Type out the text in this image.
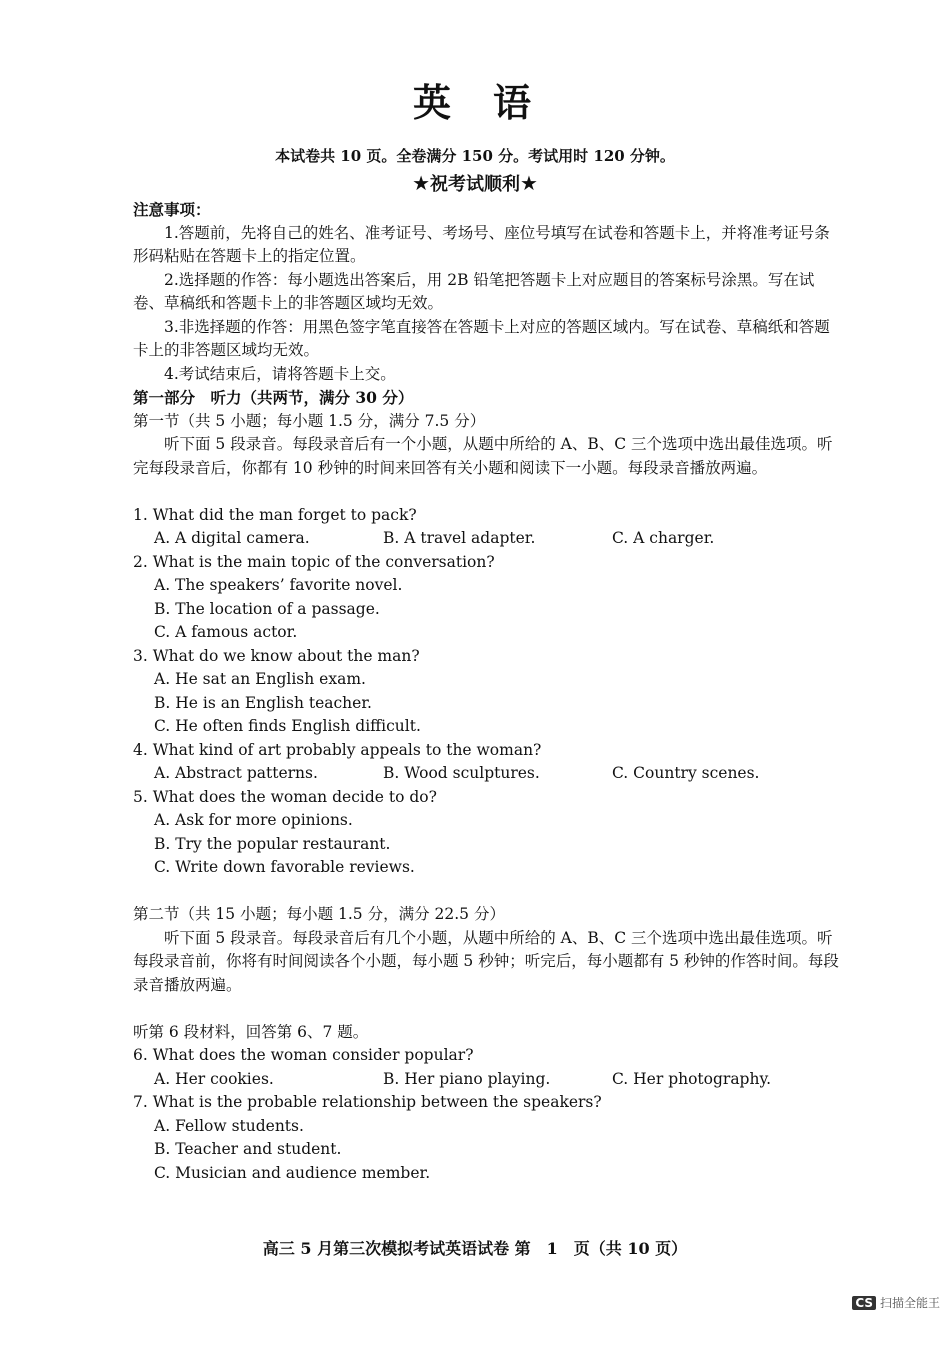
英 语
本试卷共 10 页。全卷满分 150 分。考试用时 120 分钟。
★祝考试顺利★

注意事项：

1.答题前，先将自己的姓名、准考证号、考场号、座位号填写在试卷和答题卡上，并将准考证号条形码粘贴在答题卡上的指定位置。

2.选择题的作答：每小题选出答案后，用 2B 铅笔把答题卡上对应题目的答案标号涂黑。写在试卷、草稿纸和答题卡上的非答题区域均无效。

3.非选择题的作答：用黑色签字笔直接答在答题卡上对应的答题区域内。写在试卷、草稿纸和答题卡上的非答题区域均无效。

4.考试结束后，请将答题卡上交。

第一部分　听力（共两节，满分 30 分）

第一节（共 5 小题；每小题 1.5 分，满分 7.5 分）

听下面 5 段录音。每段录音后有一个小题，从题中所给的 A、B、C 三个选项中选出最佳选项。听完每段录音后，你都有 10 秒钟的时间来回答有关小题和阅读下一小题。每段录音播放两遍。

1. What did the man forget to pack?

A. A digital camera.	B. A travel adapter.	C. A charger.

2. What is the main topic of the conversation?

A. The speakers’ favorite novel.

B. The location of a passage.

C. A famous actor.

3. What do we know about the man?

A. He sat an English exam.

B. He is an English teacher.

C. He often finds English difficult.

4. What kind of art probably appeals to the woman?

A. Abstract patterns.	B. Wood sculptures.	C. Country scenes.

5. What does the woman decide to do?

A. Ask for more opinions.

B. Try the popular restaurant.

C. Write down favorable reviews.

第二节（共 15 小题；每小题 1.5 分，满分 22.5 分）

听下面 5 段录音。每段录音后有几个小题，从题中所给的 A、B、C 三个选项中选出最佳选项。听每段录音前，你将有时间阅读各个小题，每小题 5 秒钟；听完后，每小题都有 5 秒钟的作答时间。每段录音播放两遍。

听第 6 段材料，回答第 6、7 题。

6. What does the woman consider popular?

A. Her cookies.	B. Her piano playing.	C. Her photography.

7. What is the probable relationship between the speakers?

A. Fellow students.

B. Teacher and student.

C. Musician and audience member.

高三 5 月第三次模拟考试英语试卷 第　1　页（共 10 页）
CS 扫描全能王
